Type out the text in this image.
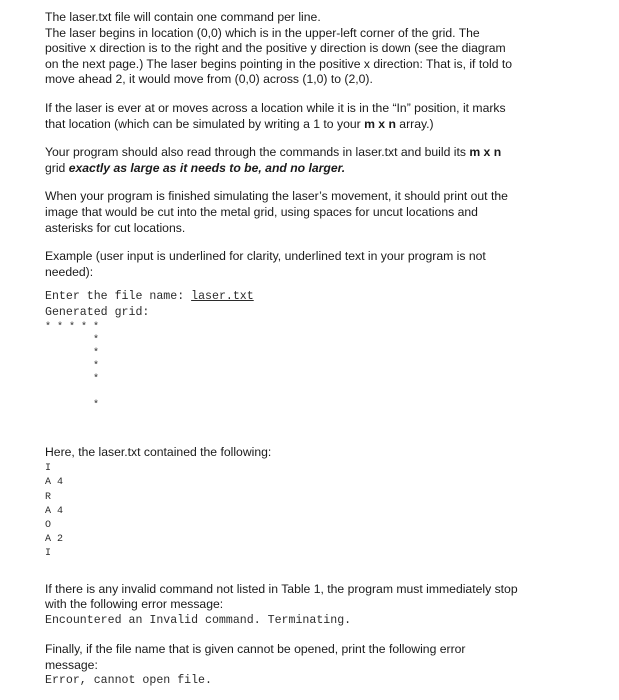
The laser.txt file will contain one command per line.

The laser begins in location (0,0) which is in the upper-left corner of the grid. The

positive x direction is to the right and the positive y direction is down (see the diagram

on the next page.) The laser begins pointing in the positive x direction: That is, if told to

move ahead 2, it would move from (0,0) across (1,0) to (2,0).

If the laser is ever at or moves across a location while it is in the “In” position, it marks

that location (which can be simulated by writing a 1 to your m x n array.)

Your program should also read through the commands in laser.txt and build its m x n

grid exactly as large as it needs to be, and no larger.

When your program is finished simulating the laser’s movement, it should print out the

image that would be cut into the metal grid, using spaces for uncut locations and

asterisks for cut locations.

Example (user input is underlined for clarity, underlined text in your program is not

needed):

Enter the file name: laser.txt

Generated grid:

* * * * *

*

*

*

*

*

Here, the laser.txt contained the following:

I

A 4

R

A 4

O

A 2

I

If there is any invalid command not listed in Table 1, the program must immediately stop

with the following error message:

Encountered an Invalid command. Terminating.

Finally, if the file name that is given cannot be opened, print the following error

message:

Error, cannot open file.
